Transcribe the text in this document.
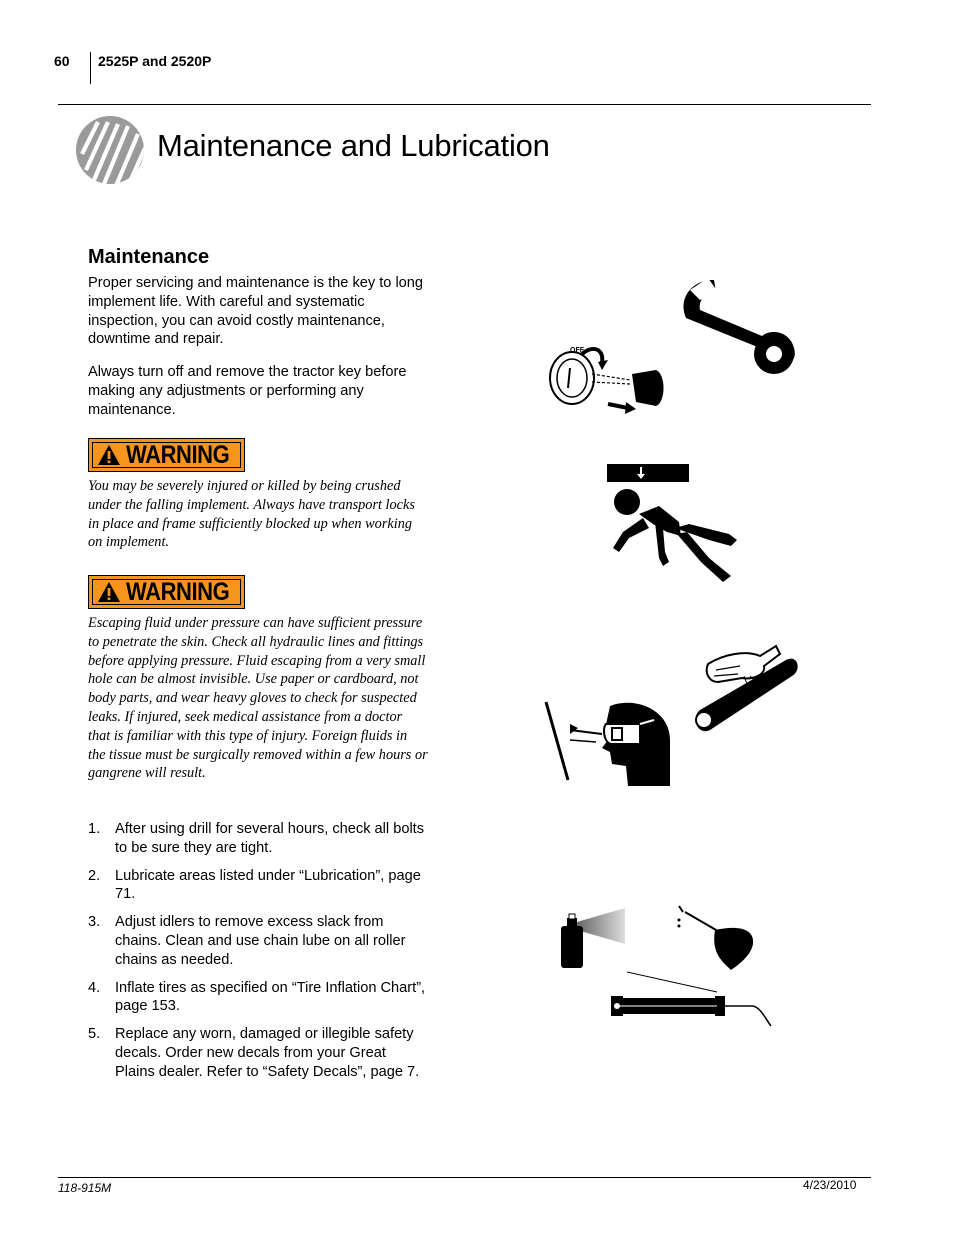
60 2525P and 2520P
Maintenance and Lubrication
Maintenance
Proper servicing and maintenance is the key to long implement life. With careful and systematic inspection, you can avoid costly maintenance, downtime and repair.
Always turn off and remove the tractor key before making any adjustments or performing any maintenance.
WARNING
You may be severely injured or killed by being crushed under the falling implement. Always have transport locks in place and frame sufficiently blocked up when working on implement.
WARNING
Escaping fluid under pressure can have sufficient pressure to penetrate the skin. Check all hydraulic lines and fittings before applying pressure. Fluid escaping from a very small hole can be almost invisible. Use paper or cardboard, not body parts, and wear heavy gloves to check for suspected leaks. If injured, seek medical assistance from a doctor that is familiar with this type of injury. Foreign fluids in the tissue must be surgically removed within a few hours or gangrene will result.
1. After using drill for several hours, check all bolts to be sure they are tight.
2. Lubricate areas listed under “Lubrication”, page 71.
3. Adjust idlers to remove excess slack from chains. Clean and use chain lube on all roller chains as needed.
4. Inflate tires as specified on “Tire Inflation Chart”, page 153.
5. Replace any worn, damaged or illegible safety decals. Order new decals from your Great Plains dealer. Refer to “Safety Decals”, page 7.
OFF
118-915M	4/23/2010
